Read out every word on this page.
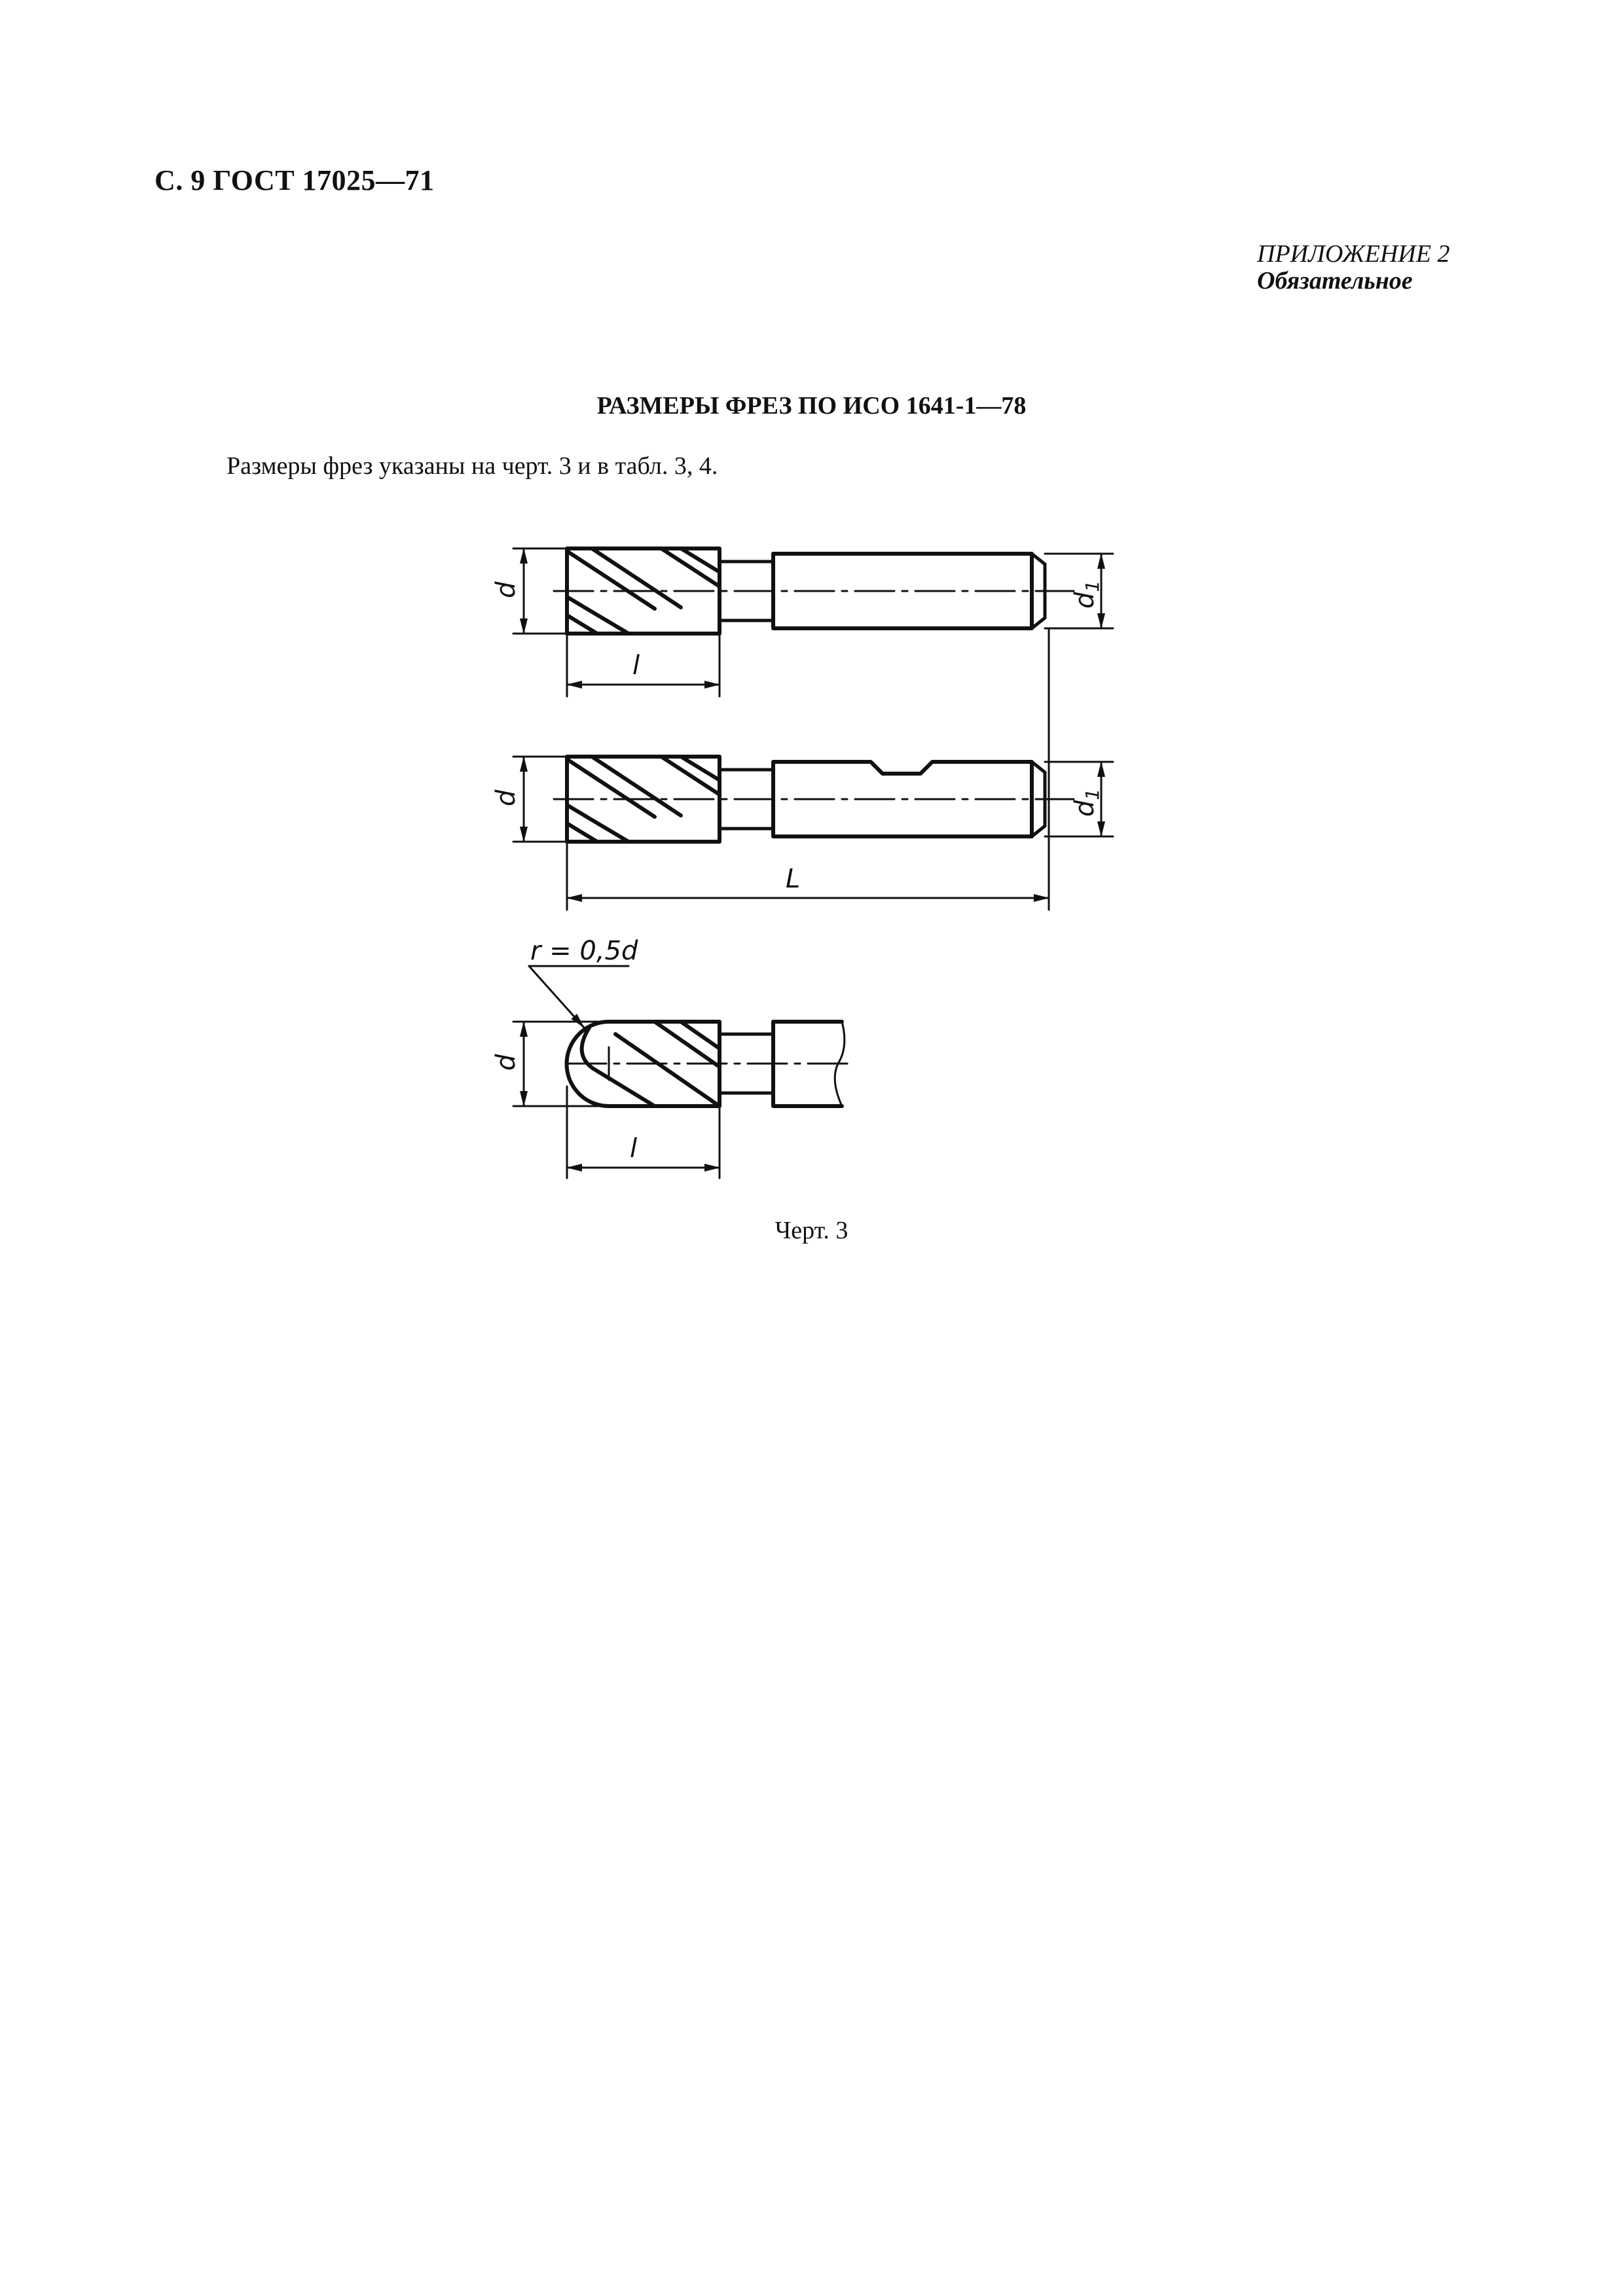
С. 9 ГОСТ 17025—71
ПРИЛОЖЕНИЕ 2
Обязательное
РАЗМЕРЫ ФРЕЗ ПО ИСО 1641-1—78
Размеры фрез указаны на черт. 3 и в табл. 3, 4.
d
$d_1$
l
d
$d_1$
L
d
l
r = 0,5d
Черт. 3
